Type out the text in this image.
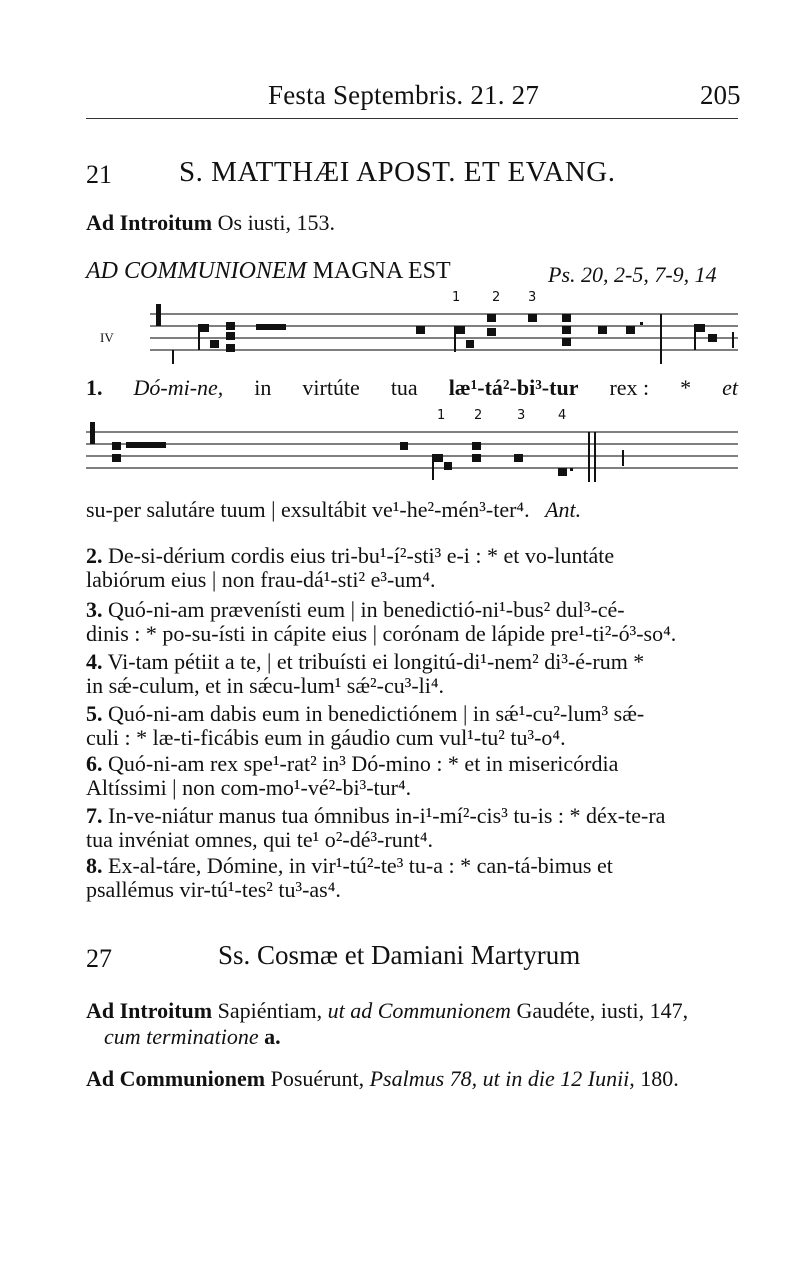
Festa Septembris. 21. 27	205
21 S. MATTHÆI APOST. ET EVANG.
Ad Introitum Os iusti, 153.
AD COMMUNIONEM MAGNA EST	Ps. 20, 2-5, 7-9, 14
1 2 3
IV
1. Dó-mi-ne, in virtúte tua læ¹-tá²-bi³-tur rex : * et
1 2	3	4
su-per salutáre tuum | exsultábit ve¹-he²-mén³-ter⁴. Ant.
2. De-si-dérium cordis eius tri-bu¹-í²-sti³ e-i : * et vo-luntáte
labiórum eius | non frau-dá¹-sti² e³-um⁴.
3. Quó-ni-am prævenísti eum | in benedictió-ni¹-bus² dul³-cé-
dinis : * po-su-ísti in cápite eius | corónam de lápide pre¹-ti²-ó³-so⁴.
4. Vi-tam pétiit a te, | et tribuísti ei longitú-di¹-nem² di³-é-rum *
in sǽ-culum, et in sǽcu-lum¹ sǽ²-cu³-li⁴.
5. Quó-ni-am dabis eum in benedictiónem | in sǽ¹-cu²-lum³ sǽ-
culi : * læ-ti-ficábis eum in gáudio cum vul¹-tu² tu³-o⁴.
6. Quó-ni-am rex spe¹-rat² in³ Dó-mino : * et in misericórdia
Altíssimi | non com-mo¹-vé²-bi³-tur⁴.
7. In-ve-niátur manus tua ómnibus in-i¹-mí²-cis³ tu-is : * déx-te-ra
tua invéniat omnes, qui te¹ o²-dé³-runt⁴.
8. Ex-al-táre, Dómine, in vir¹-tú²-te³ tu-a : * can-tá-bimus et
psallémus vir-tú¹-tes² tu³-as⁴.
27	Ss. Cosmæ et Damiani Martyrum
Ad Introitum Sapiéntiam, ut ad Communionem Gaudéte, iusti, 147,
cum terminatione a.
Ad Communionem Posuérunt, Psalmus 78, ut in die 12 Iunii, 180.
